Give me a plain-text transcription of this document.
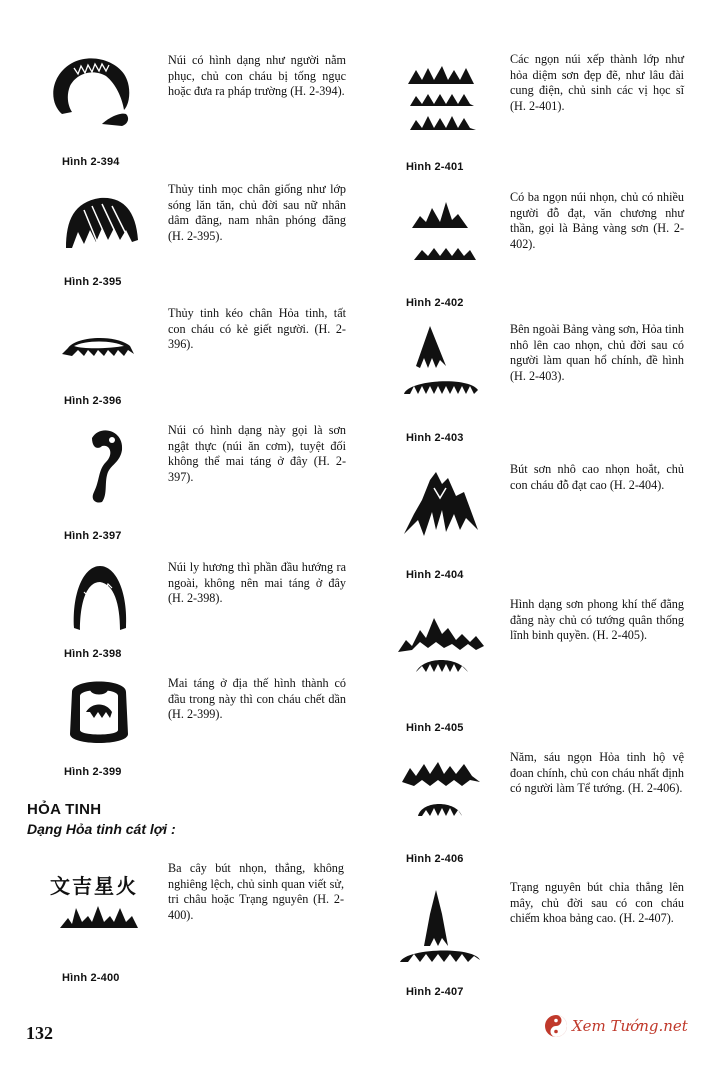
Hình 2-394
Núi có hình dạng như người nằm phục, chủ con cháu bị tống ngục hoặc đưa ra pháp trường (H. 2-394).
Hình 2-395
Thủy tinh mọc chân giống như lớp sóng lăn tăn, chủ đời sau nữ nhân dâm đãng, nam nhân phóng đãng (H. 2-395).
Hình 2-396
Thủy tinh kéo chân Hỏa tinh, tất con cháu có kẻ giết người. (H. 2-396).
Hình 2-397
Núi có hình dạng này gọi là sơn ngật thực (núi ăn cơm), tuyệt đối không thể mai táng ở đây (H. 2-397).
Hình 2-398
Núi ly hương thì phần đầu hướng ra ngoài, không nên mai táng ở đây (H. 2-398).
Hình 2-399
Mai táng ở địa thế hình thành có đầu trong này thì con cháu chết dần (H. 2-399).
HỎA TINH
Dạng Hỏa tinh cát lợi :
文吉星火
Hình 2-400
Ba cây bút nhọn, thẳng, không nghiêng lệch, chủ sinh quan viết sử, tri châu hoặc Trạng nguyên (H. 2-400).
Hình 2-401
Các ngọn núi xếp thành lớp như hỏa diệm sơn đẹp đẽ, như lâu đài cung điện, chủ sinh các vị học sĩ (H. 2-401).
Hình 2-402
Có ba ngọn núi nhọn, chủ có nhiều người đỗ đạt, văn chương như thần, gọi là Bảng vàng sơn (H. 2-402).
Hình 2-403
Bên ngoài Bảng vàng sơn, Hỏa tinh nhô lên cao nhọn, chủ đời sau có người làm quan hổ chính, đề hình (H. 2-403).
Hình 2-404
Bút sơn nhô cao nhọn hoắt, chủ con cháu đỗ đạt cao (H. 2-404).
Hình 2-405
Hình dạng sơn phong khí thế đằng đằng này chủ có tướng quân thống lĩnh binh quyền. (H. 2-405).
Hình 2-406
Năm, sáu ngọn Hỏa tinh hộ vệ đoan chính, chủ con cháu nhất định có người làm Tể tướng. (H. 2-406).
Hình 2-407
Trạng nguyên bút chỉa thẳng lên mây, chủ đời sau có con cháu chiếm khoa bảng cao. (H. 2-407).
132	Xem Tướng.net
